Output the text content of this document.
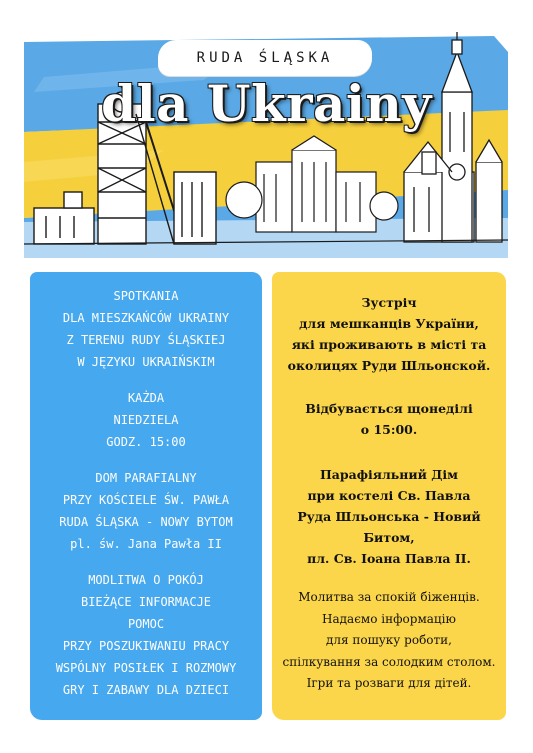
RUDA ŚLĄSKA
dla Ukrainy

SPOTKANIA

DLA MIESZKAŃCÓW UKRAINY

Z TERENU RUDY ŚLĄSKIEJ

W JĘZYKU UKRAIŃSKIM

KAŻDA

NIEDZIELA

GODZ. 15:00

DOM PARAFIALNY

PRZY KOŚCIELE ŚW. PAWŁA

RUDA ŚLĄSKA - NOWY BYTOM

pl. św. Jana Pawła II

MODLITWA O POKÓJ

BIEŻĄCE INFORMACJE

POMOC

PRZY POSZUKIWANIU PRACY

WSPÓLNY POSIŁEK I ROZMOWY

GRY I ZABAWY DLA DZIECI

Зустріч

для мешканців України,

які проживають в місті та

околицях Руди Шльонской.

Відбувається щонеділі

о 15:00.

Парафіяльний Дім

при костелі Св. Павла

Руда Шльонська - Новий

Битом,

пл. Св. Іоана Павла ІІ.

Молитва за спокій біженців.

Надаємо інформацію

для пошуку роботи,

спілкування за солодким столом.

Ігри та розваги для дітей.
